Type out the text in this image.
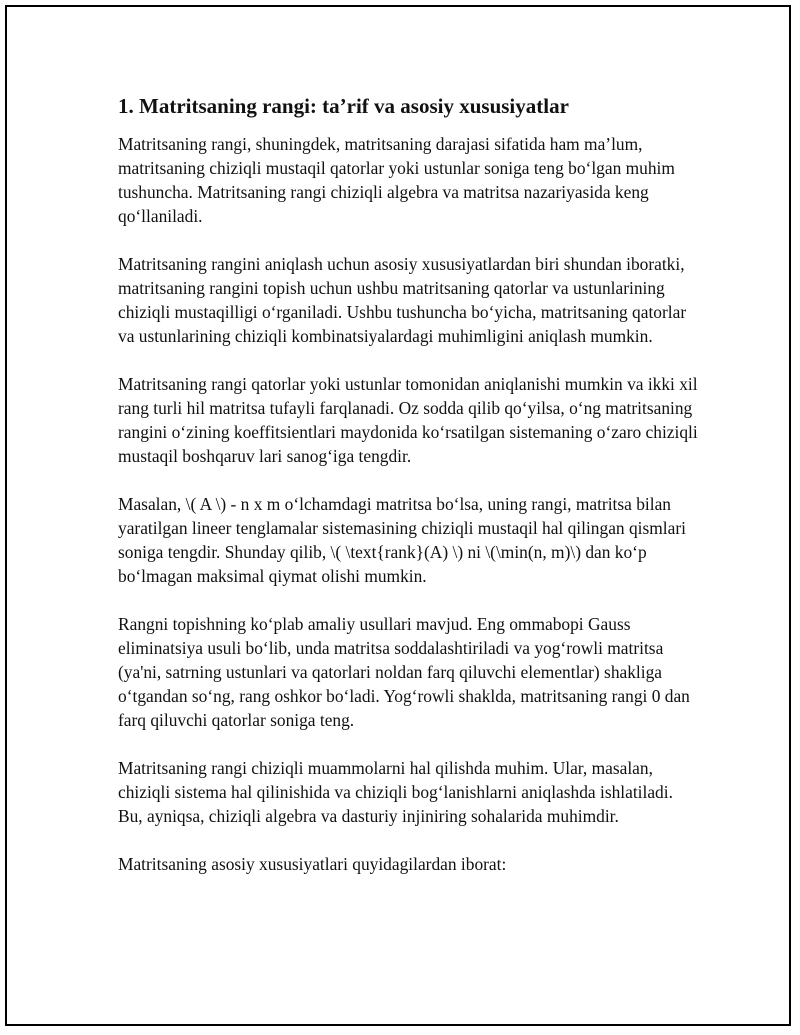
1. Matritsaning rangi: ta’rif va asosiy xususiyatlar

Matritsaning rangi, shuningdek, matritsaning darajasi sifatida ham ma’lum, matritsaning chiziqli mustaqil qatorlar yoki ustunlar soniga teng bo‘lgan muhim tushuncha. Matritsaning rangi chiziqli algebra va matritsa nazariyasida keng qo‘llaniladi.

Matritsaning rangini aniqlash uchun asosiy xususiyatlardan biri shundan iboratki, matritsaning rangini topish uchun ushbu matritsaning qatorlar va ustunlarining chiziqli mustaqilligi o‘rganiladi. Ushbu tushuncha bo‘yicha, matritsaning qatorlar va ustunlarining chiziqli kombinatsiyalardagi muhimligini aniqlash mumkin.

Matritsaning rangi qatorlar yoki ustunlar tomonidan aniqlanishi mumkin va ikki xil rang turli hil matritsa tufayli farqlanadi. Oz sodda qilib qo‘yilsa, o‘ng matritsaning rangini o‘zining koeffitsientlari maydonida ko‘rsatilgan sistemaning o‘zaro chiziqli mustaqil boshqaruv lari sanog‘iga tengdir.

Masalan, \( A \) - n x m o‘lchamdagi matritsa bo‘lsa, uning rangi, matritsa bilan yaratilgan lineer tenglamalar sistemasining chiziqli mustaqil hal qilingan qismlari soniga tengdir. Shunday qilib, \( \text{rank}(A) \) ni \(\min(n, m)\) dan ko‘p bo‘lmagan maksimal qiymat olishi mumkin.

Rangni topishning ko‘plab amaliy usullari mavjud. Eng ommabopi Gauss eliminatsiya usuli bo‘lib, unda matritsa soddalashtiriladi va yog‘rowli matritsa (ya'ni, satrning ustunlari va qatorlari noldan farq qiluvchi elementlar) shakliga o‘tgandan so‘ng, rang oshkor bo‘ladi. Yog‘rowli shaklda, matritsaning rangi 0 dan farq qiluvchi qatorlar soniga teng.

Matritsaning rangi chiziqli muammolarni hal qilishda muhim. Ular, masalan, chiziqli sistema hal qilinishida va chiziqli bog‘lanishlarni aniqlashda ishlatiladi. Bu, ayniqsa, chiziqli algebra va dasturiy injiniring sohalarida muhimdir.

Matritsaning asosiy xususiyatlari quyidagilardan iborat:
